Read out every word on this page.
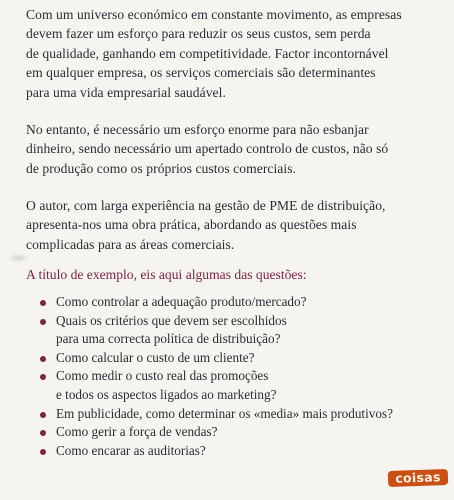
Com um universo económico em constante movimento, as empresas
devem fazer um esforço para reduzir os seus custos, sem perda
de qualidade, ganhando em competitividade. Factor incontornável
em qualquer empresa, os serviços comerciais são determinantes
para uma vida empresarial saudável.
No entanto, é necessário um esforço enorme para não esbanjar
dinheiro, sendo necessário um apertado controlo de custos, não só
de produção como os próprios custos comerciais.
O autor, com larga experiência na gestão de PME de distribuição,
apresenta-nos uma obra prática, abordando as questões mais
complicadas para as áreas comerciais.
A título de exemplo, eis aqui algumas das questões:
Como controlar a adequação produto/mercado?
Quais os critérios que devem ser escolhidos
para uma correcta política de distribuição?
Como calcular o custo de um cliente?
Como medir o custo real das promoções
e todos os aspectos ligados ao marketing?
Em publicidade, como determinar os «media» mais produtivos?
Como gerir a força de vendas?
Como encarar as auditorias?
coisas
